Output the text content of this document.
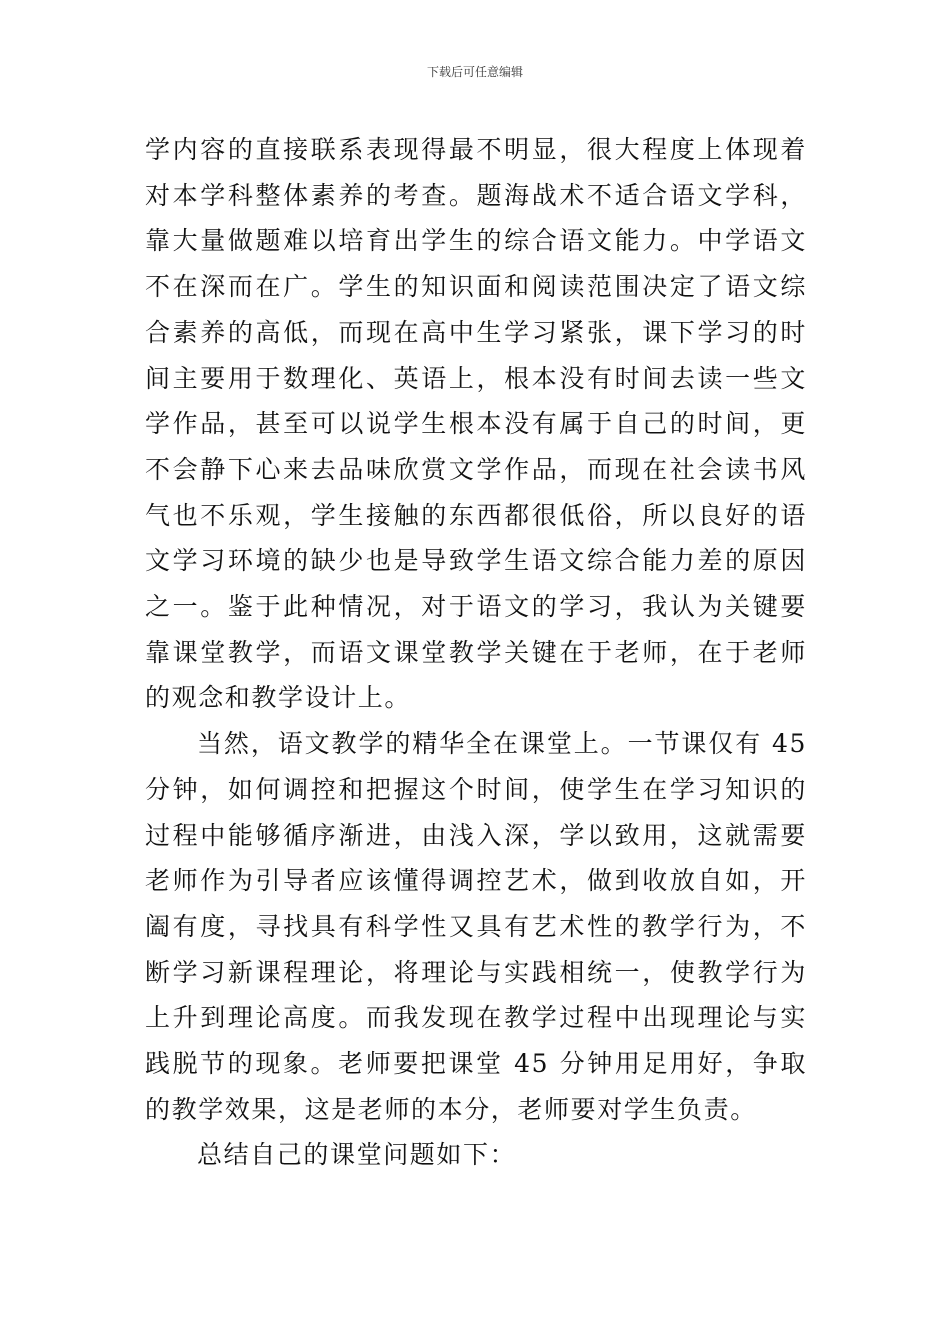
下载后可任意编辑

学内容的直接联系表现得最不明显，很大程度上体现着对本学科整体素养的考查。题海战术不适合语文学科，靠大量做题难以培育出学生的综合语文能力。中学语文不在深而在广。学生的知识面和阅读范围决定了语文综合素养的高低，而现在高中生学习紧张，课下学习的时间主要用于数理化、英语上，根本没有时间去读一些文学作品，甚至可以说学生根本没有属于自己的时间，更不会静下心来去品味欣赏文学作品，而现在社会读书风气也不乐观，学生接触的东西都很低俗，所以良好的语文学习环境的缺少也是导致学生语文综合能力差的原因之一。鉴于此种情况，对于语文的学习，我认为关键要靠课堂教学，而语文课堂教学关键在于老师，在于老师的观念和教学设计上。

当然，语文教学的精华全在课堂上。一节课仅有 45 分钟，如何调控和把握这个时间，使学生在学习知识的过程中能够循序渐进，由浅入深，学以致用，这就需要老师作为引导者应该懂得调控艺术，做到收放自如，开阖有度，寻找具有科学性又具有艺术性的教学行为，不断学习新课程理论，将理论与实践相统一，使教学行为上升到理论高度。而我发现在教学过程中出现理论与实践脱节的现象。老师要把课堂 45 分钟用足用好，争取的教学效果，这是老师的本分，老师要对学生负责。

总结自己的课堂问题如下：
